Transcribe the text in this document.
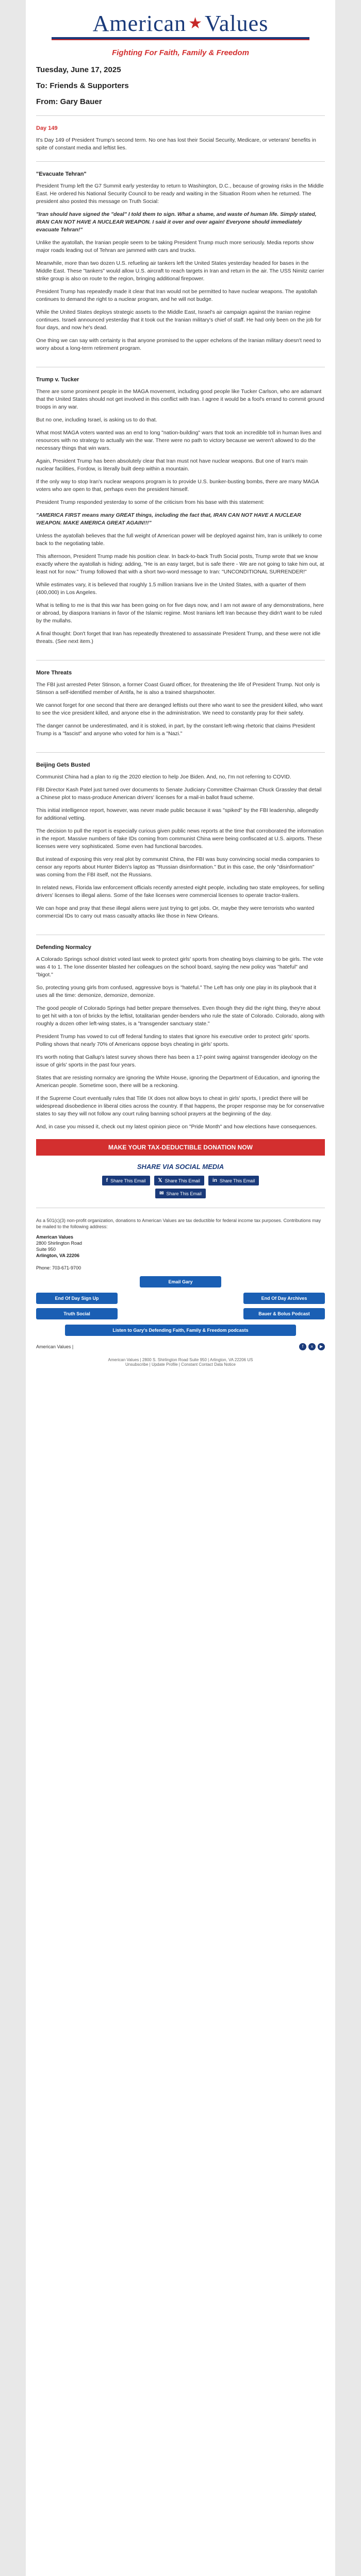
American ★ Values
Fighting For Faith, Family & Freedom
Tuesday, June 17, 2025
To: Friends & Supporters
From: Gary Bauer
Day 149

It's Day 149 of President Trump's second term. No one has lost their Social Security, Medicare, or veterans' benefits in spite of constant media and leftist lies.

"Evacuate Tehran"

President Trump left the G7 Summit early yesterday to return to Washington, D.C., because of growing risks in the Middle East. He ordered his National Security Council to be ready and waiting in the Situation Room when he returned. The president also posted this message on Truth Social:

"Iran should have signed the "deal" I told them to sign. What a shame, and waste of human life. Simply stated, IRAN CAN NOT HAVE A NUCLEAR WEAPON. I said it over and over again! Everyone should immediately evacuate Tehran!"

Unlike the ayatollah, the Iranian people seem to be taking President Trump much more seriously. Media reports show major roads leading out of Tehran are jammed with cars and trucks.

Meanwhile, more than two dozen U.S. refueling air tankers left the United States yesterday headed for bases in the Middle East. These "tankers" would allow U.S. aircraft to reach targets in Iran and return in the air. The USS Nimitz carrier strike group is also on route to the region, bringing additional firepower.

President Trump has repeatedly made it clear that Iran would not be permitted to have nuclear weapons. The ayatollah continues to demand the right to a nuclear program, and he will not budge.

While the United States deploys strategic assets to the Middle East, Israel's air campaign against the Iranian regime continues. Israeli announced yesterday that it took out the Iranian military's chief of staff. He had only been on the job for four days, and now he's dead.

One thing we can say with certainty is that anyone promised to the upper echelons of the Iranian military doesn't need to worry about a long-term retirement program.

Trump v. Tucker

There are some prominent people in the MAGA movement, including good people like Tucker Carlson, who are adamant that the United States should not get involved in this conflict with Iran. I agree it would be a fool's errand to commit ground troops in any war.

But no one, including Israel, is asking us to do that.

What most MAGA voters wanted was an end to long "nation-building" wars that took an incredible toll in human lives and resources with no strategy to actually win the war. There were no path to victory because we weren't allowed to do the necessary things that win wars.

Again, President Trump has been absolutely clear that Iran must not have nuclear weapons. But one of Iran's main nuclear facilities, Fordow, is literally built deep within a mountain.

If the only way to stop Iran's nuclear weapons program is to provide U.S. bunker-busting bombs, there are many MAGA voters who are open to that, perhaps even the president himself.

President Trump responded yesterday to some of the criticism from his base with this statement:

"AMERICA FIRST means many GREAT things, including the fact that, IRAN CAN NOT HAVE A NUCLEAR WEAPON. MAKE AMERICA GREAT AGAIN!!!"

Unless the ayatollah believes that the full weight of American power will be deployed against him, Iran is unlikely to come back to the negotiating table.

This afternoon, President Trump made his position clear. In back-to-back Truth Social posts, Trump wrote that we know exactly where the ayatollah is hiding: adding, "He is an easy target, but is safe there - We are not going to take him out, at least not for now." Trump followed that with a short two-word message to Iran: "UNCONDITIONAL SURRENDER!"

While estimates vary, it is believed that roughly 1.5 million Iranians live in the United States, with a quarter of them (400,000) in Los Angeles.

What is telling to me is that this war has been going on for five days now, and I am not aware of any demonstrations, here or abroad, by diaspora Iranians in favor of the Islamic regime. Most Iranians left Iran because they didn't want to be ruled by the mullahs.

A final thought: Don't forget that Iran has repeatedly threatened to assassinate President Trump, and these were not idle threats. (See next item.)

More Threats

The FBI just arrested Peter Stinson, a former Coast Guard officer, for threatening the life of President Trump. Not only is Stinson a self-identified member of Antifa, he is also a trained sharpshooter.

We cannot forget for one second that there are deranged leftists out there who want to see the president killed, who want to see the vice president killed, and anyone else in the administration. We need to constantly pray for their safety.

The danger cannot be underestimated, and it is stoked, in part, by the constant left-wing rhetoric that claims President Trump is a "fascist" and anyone who voted for him is a "Nazi."

Beijing Gets Busted

Communist China had a plan to rig the 2020 election to help Joe Biden. And, no, I'm not referring to COVID.

FBI Director Kash Patel just turned over documents to Senate Judiciary Committee Chairman Chuck Grassley that detail a Chinese plot to mass-produce American drivers' licenses for a mail-in ballot fraud scheme.

This initial intelligence report, however, was never made public because it was "spiked" by the FBI leadership, allegedly for additional vetting.

The decision to pull the report is especially curious given public news reports at the time that corroborated the information in the report. Massive numbers of fake IDs coming from communist China were being confiscated at U.S. airports. These licenses were very sophisticated. Some even had functional barcodes.

But instead of exposing this very real plot by communist China, the FBI was busy convincing social media companies to censor any reports about Hunter Biden's laptop as "Russian disinformation." But in this case, the only "disinformation" was coming from the FBI itself, not the Russians.

In related news, Florida law enforcement officials recently arrested eight people, including two state employees, for selling drivers' licenses to illegal aliens. Some of the fake licenses were commercial licenses to operate tractor-trailers.

We can hope and pray that these illegal aliens were just trying to get jobs. Or, maybe they were terrorists who wanted commercial IDs to carry out mass casualty attacks like those in New Orleans.

Defending Normalcy

A Colorado Springs school district voted last week to protect girls' sports from cheating boys claiming to be girls. The vote was 4 to 1. The lone dissenter blasted her colleagues on the school board, saying the new policy was "hateful" and "bigot."

So, protecting young girls from confused, aggressive boys is "hateful." The Left has only one play in its playbook that it uses all the time: demonize, demonize, demonize.

The good people of Colorado Springs had better prepare themselves. Even though they did the right thing, they're about to get hit with a ton of bricks by the leftist, totalitarian gender-benders who rule the state of Colorado. Colorado, along with roughly a dozen other left-wing states, is a "transgender sanctuary state."

President Trump has vowed to cut off federal funding to states that ignore his executive order to protect girls' sports. Polling shows that nearly 70% of Americans oppose boys cheating in girls' sports.

It's worth noting that Gallup's latest survey shows there has been a 17-point swing against transgender ideology on the issue of girls' sports in the past four years.

States that are resisting normalcy are ignoring the White House, ignoring the Department of Education, and ignoring the American people. Sometime soon, there will be a reckoning.

If the Supreme Court eventually rules that Title IX does not allow boys to cheat in girls' sports, I predict there will be widespread disobedience in liberal cities across the country. If that happens, the proper response may be for conservative states to say they will not follow any court ruling banning school prayers at the beginning of the day.

And, in case you missed it, check out my latest opinion piece on "Pride Month" and how elections have consequences.

MAKE YOUR TAX-DEDUCTIBLE DONATION NOW
SHARE VIA SOCIAL MEDIA
f Share This Email 𝕏 Share This Email in Share This Email
✉ Share This Email
As a 501(c)(3) non-profit organization, donations to American Values are tax deductible for federal income tax purposes. Contributions may be mailed to the following address:
American Values
2800 Shirlington Road
Suite 950
Arlington, VA 22206

Phone: 703-671-9700
Email Gary
End Of Day Sign Up	End Of Day Archives
Truth Social	Bauer & Bolus Podcast
Listen to Gary's Defending Faith, Family & Freedom podcasts
American Values |	f	x	▶
American Values | 2800 S. Shirlington Road Suite 950 | Arlington, VA 22206 US
Unsubscribe | Update Profile | Constant Contact Data Notice
